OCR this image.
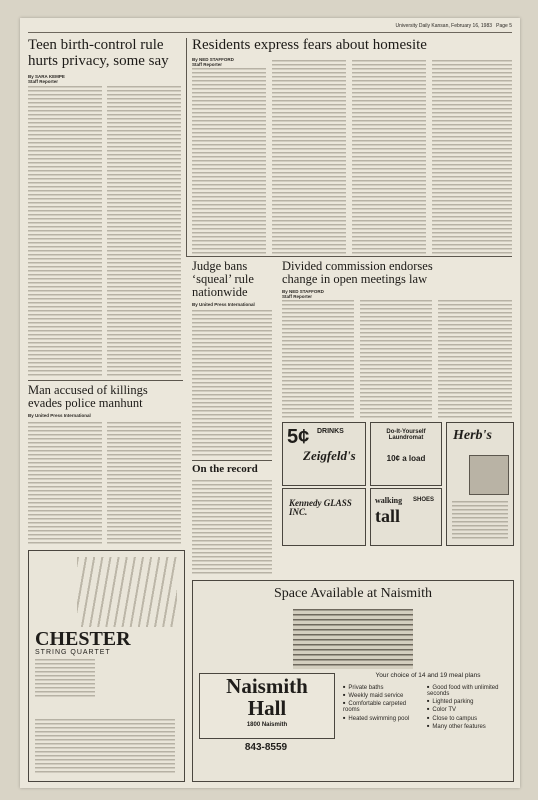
University Daily Kansan, February 16, 1983 Page 5
Teen birth-control rule
hurts privacy, some say
By SARA KEMPE
Staff Reporter
Residents express fears about homesite
By NED STAFFORD
Staff Reporter
Judge bans
‘squeal’ rule
nationwide
By United Press International
On the record
Divided commission endorses
change in open meetings law
By NED STAFFORD
Staff Reporter
Man accused of killings
evades police manhunt
By United Press International
CHESTER
STRING QUARTET
5¢ DRINKS
Zeigfeld's
Do-It-Yourself Laundromat
10¢ a load
Kennedy GLASS INC.
walking
tall
SHOES
Herb's
Space Available at Naismith
Naismith
Hall
1800 Naismith
843-8559
Your choice of 14 and 19 meal plans
■ Private baths
■ Weekly maid service
■ Comfortable carpeted rooms
■ Heated swimming pool
■ Good food with unlimited seconds
■ Lighted parking
■ Color TV
■ Close to campus
■ Many other features
